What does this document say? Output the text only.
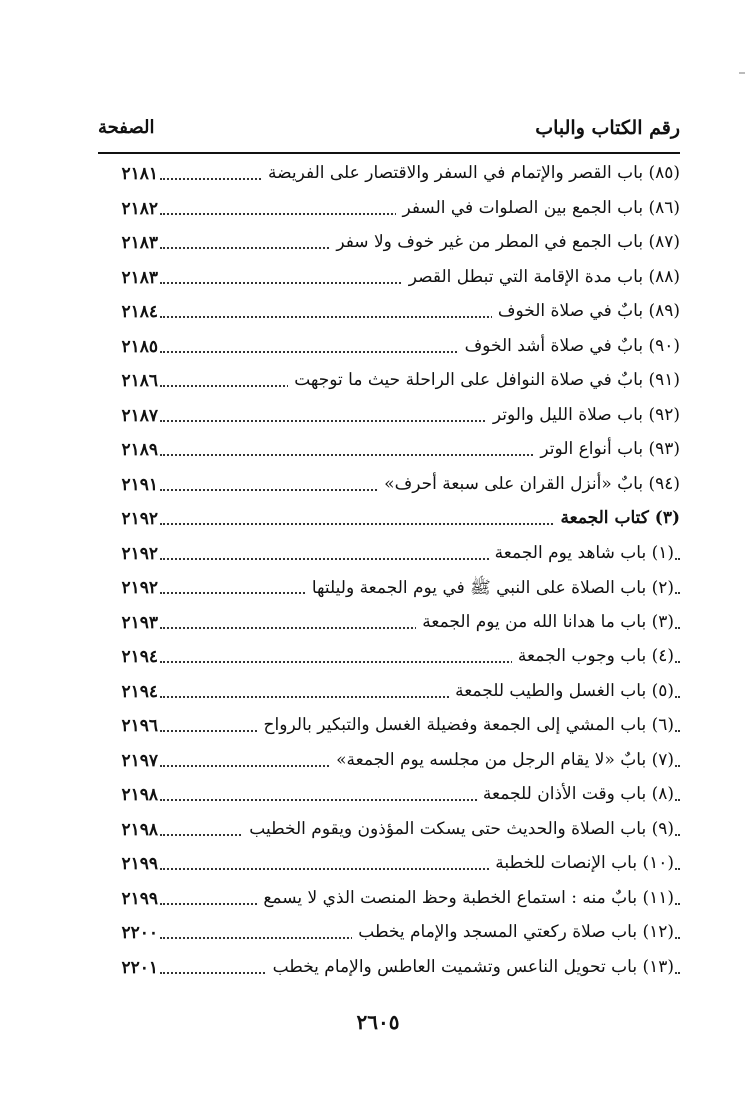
رقم الكتاب والباب
الصفحة
(٨٥) باب القصر والإتمام في السفر والاقتصار على الفريضة
٢١٨١
(٨٦) باب الجمع بين الصلوات في السفر
٢١٨٢
(٨٧) باب الجمع في المطر من غير خوف ولا سفر
٢١٨٣
(٨٨) باب مدة الإقامة التي تبطل القصر
٢١٨٣
(٨٩) بابٌ في صلاة الخوف
٢١٨٤
(٩٠) بابٌ في صلاة أشد الخوف
٢١٨٥
(٩١) بابٌ في صلاة النوافل على الراحلة حيث ما توجهت
٢١٨٦
(٩٢) باب صلاة الليل والوتر
٢١٨٧
(٩٣) باب أنواع الوتر
٢١٨٩
(٩٤) بابٌ «أنزل القران على سبعة أحرف»
٢١٩١
(٣) كتاب الجمعة
٢١٩٢
(١) باب شاهد يوم الجمعة
٢١٩٢
(٢) باب الصلاة على النبي ﷺ في يوم الجمعة وليلتها
٢١٩٢
(٣) باب ما هدانا الله من يوم الجمعة
٢١٩٣
(٤) باب وجوب الجمعة
٢١٩٤
(٥) باب الغسل والطيب للجمعة
٢١٩٤
(٦) باب المشي إلى الجمعة وفضيلة الغسل والتبكير بالرواح
٢١٩٦
(٧) بابٌ «لا يقام الرجل من مجلسه يوم الجمعة»
٢١٩٧
(٨) باب وقت الأذان للجمعة
٢١٩٨
(٩) باب الصلاة والحديث حتى يسكت المؤذون ويقوم الخطيب
٢١٩٨
(١٠) باب الإنصات للخطبة
٢١٩٩
(١١) بابٌ منه : استماع الخطبة وحظ المنصت الذي لا يسمع
٢١٩٩
(١٢) باب صلاة ركعتي المسجد والإمام يخطب
٢٢٠٠
(١٣) باب تحويل الناعس وتشميت العاطس والإمام يخطب
٢٢٠١
٢٦٠٥
